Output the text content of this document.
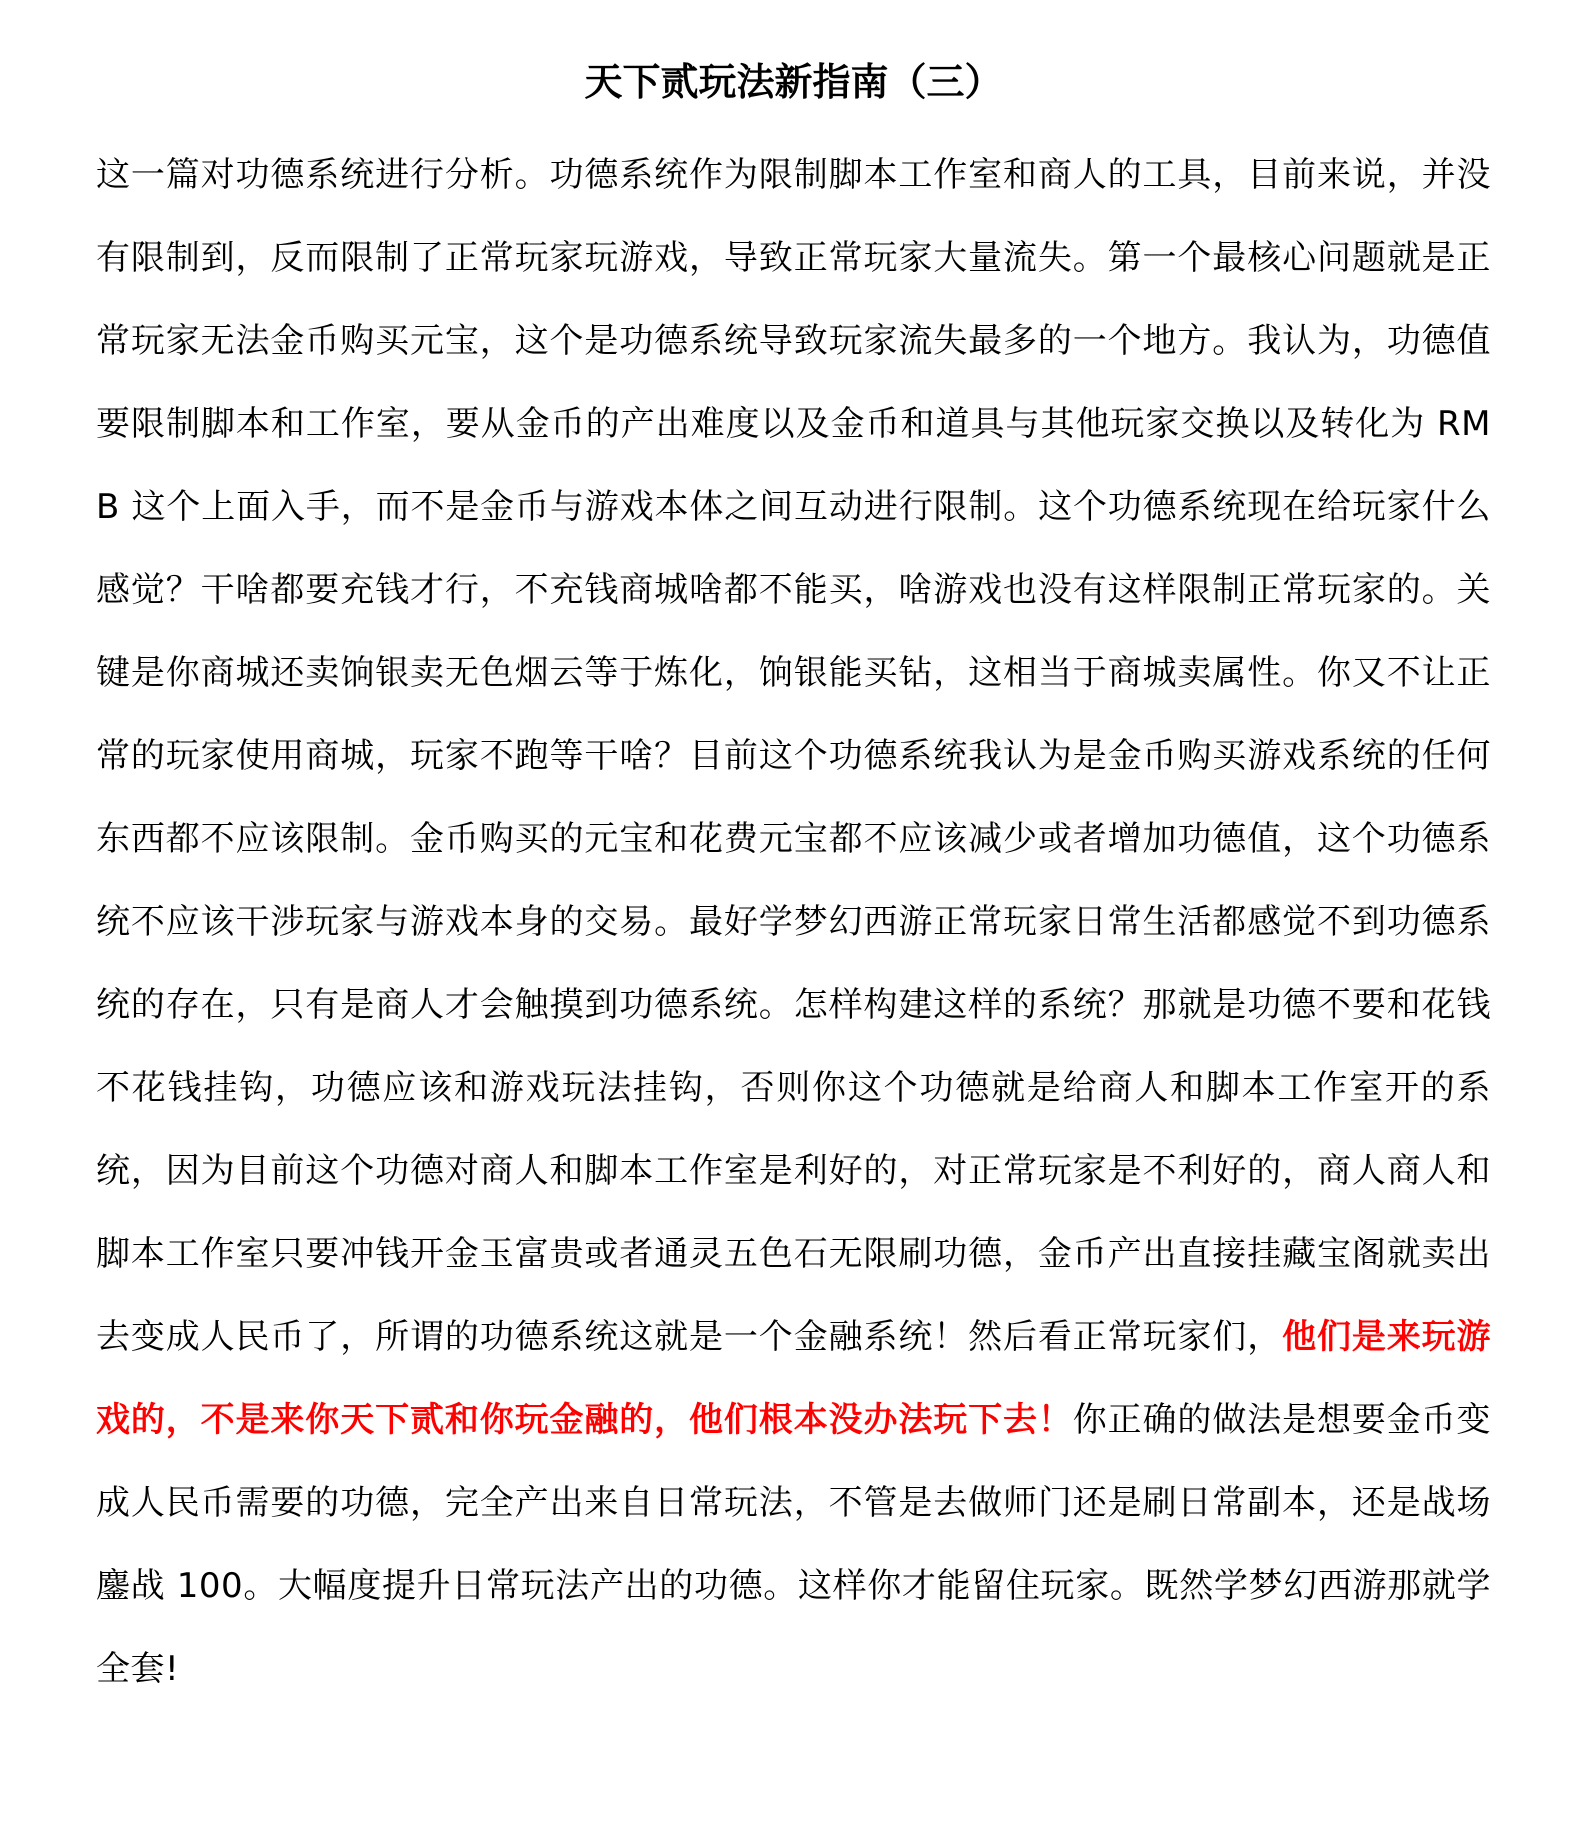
天下贰玩法新指南（三）

这一篇对功德系统进行分析。功德系统作为限制脚本工作室和商人的工具，目前来说，并没有限制到，反而限制了正常玩家玩游戏，导致正常玩家大量流失。第一个最核心问题就是正常玩家无法金币购买元宝，这个是功德系统导致玩家流失最多的一个地方。我认为，功德值要限制脚本和工作室，要从金币的产出难度以及金币和道具与其他玩家交换以及转化为 RMB 这个上面入手，而不是金币与游戏本体之间互动进行限制。这个功德系统现在给玩家什么感觉？干啥都要充钱才行，不充钱商城啥都不能买，啥游戏也没有这样限制正常玩家的。关键是你商城还卖饷银卖无色烟云等于炼化，饷银能买钻，这相当于商城卖属性。你又不让正常的玩家使用商城，玩家不跑等干啥？目前这个功德系统我认为是金币购买游戏系统的任何东西都不应该限制。金币购买的元宝和花费元宝都不应该减少或者增加功德值，这个功德系统不应该干涉玩家与游戏本身的交易。最好学梦幻西游正常玩家日常生活都感觉不到功德系统的存在，只有是商人才会触摸到功德系统。怎样构建这样的系统？那就是功德不要和花钱不花钱挂钩，功德应该和游戏玩法挂钩，否则你这个功德就是给商人和脚本工作室开的系统，因为目前这个功德对商人和脚本工作室是利好的，对正常玩家是不利好的，商人商人和脚本工作室只要冲钱开金玉富贵或者通灵五色石无限刷功德，金币产出直接挂藏宝阁就卖出去变成人民币了，所谓的功德系统这就是一个金融系统！然后看正常玩家们，他们是来玩游戏的，不是来你天下贰和你玩金融的，他们根本没办法玩下去！你正确的做法是想要金币变成人民币需要的功德，完全产出来自日常玩法，不管是去做师门还是刷日常副本，还是战场鏖战 100。大幅度提升日常玩法产出的功德。这样你才能留住玩家。既然学梦幻西游那就学全套!
